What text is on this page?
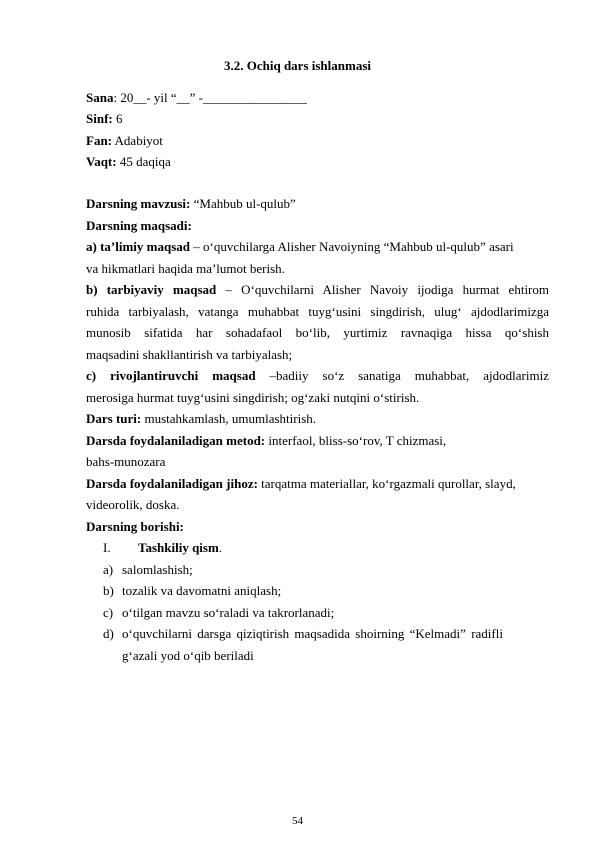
3.2. Ochiq dars ishlanmasi
Sana: 20__- yil “__” -________________
Sinf: 6
Fan: Adabiyot
Vaqt: 45 daqiqa
Darsning mavzusi: “Mahbub ul-qulub”
Darsning maqsadi:
a) ta’limiy maqsad – o‘quvchilarga Alisher Navoiyning “Mahbub ul-qulub” asari
va hikmatlari haqida ma’lumot berish.
b) tarbiyaviy maqsad – O‘quvchilarni Alisher Navoiy ijodiga hurmat ehtirom
ruhida tarbiyalash, vatanga muhabbat tuyg‘usini singdirish, ulug‘ ajdodlarimizga
munosib sifatida har sohadafaol bo‘lib, yurtimiz ravnaqiga hissa qo‘shish
maqsadini shakllantirish va tarbiyalash;
c) rivojlantiruvchi maqsad –badiiy so‘z sanatiga muhabbat, ajdodlarimiz
merosiga hurmat tuyg‘usini singdirish; og‘zaki nutqini o‘stirish.
Dars turi: mustahkamlash, umumlashtirish.
Darsda foydalaniladigan metod: interfaol, bliss-so‘rov, T chizmasi,
bahs-munozara
Darsda foydalaniladigan jihoz: tarqatma materiallar, ko‘rgazmali qurollar, slayd,
videorolik, doska.
Darsning borishi:
I. Tashkiliy qism.
a) salomlashish;
b) tozalik va davomatni aniqlash;
c) o‘tilgan mavzu so‘raladi va takrorlanadi;
d) o‘quvchilarni darsga qiziqtirish maqsadida shoirning “Kelmadi” radifli
g‘azali yod o‘qib beriladi
54
